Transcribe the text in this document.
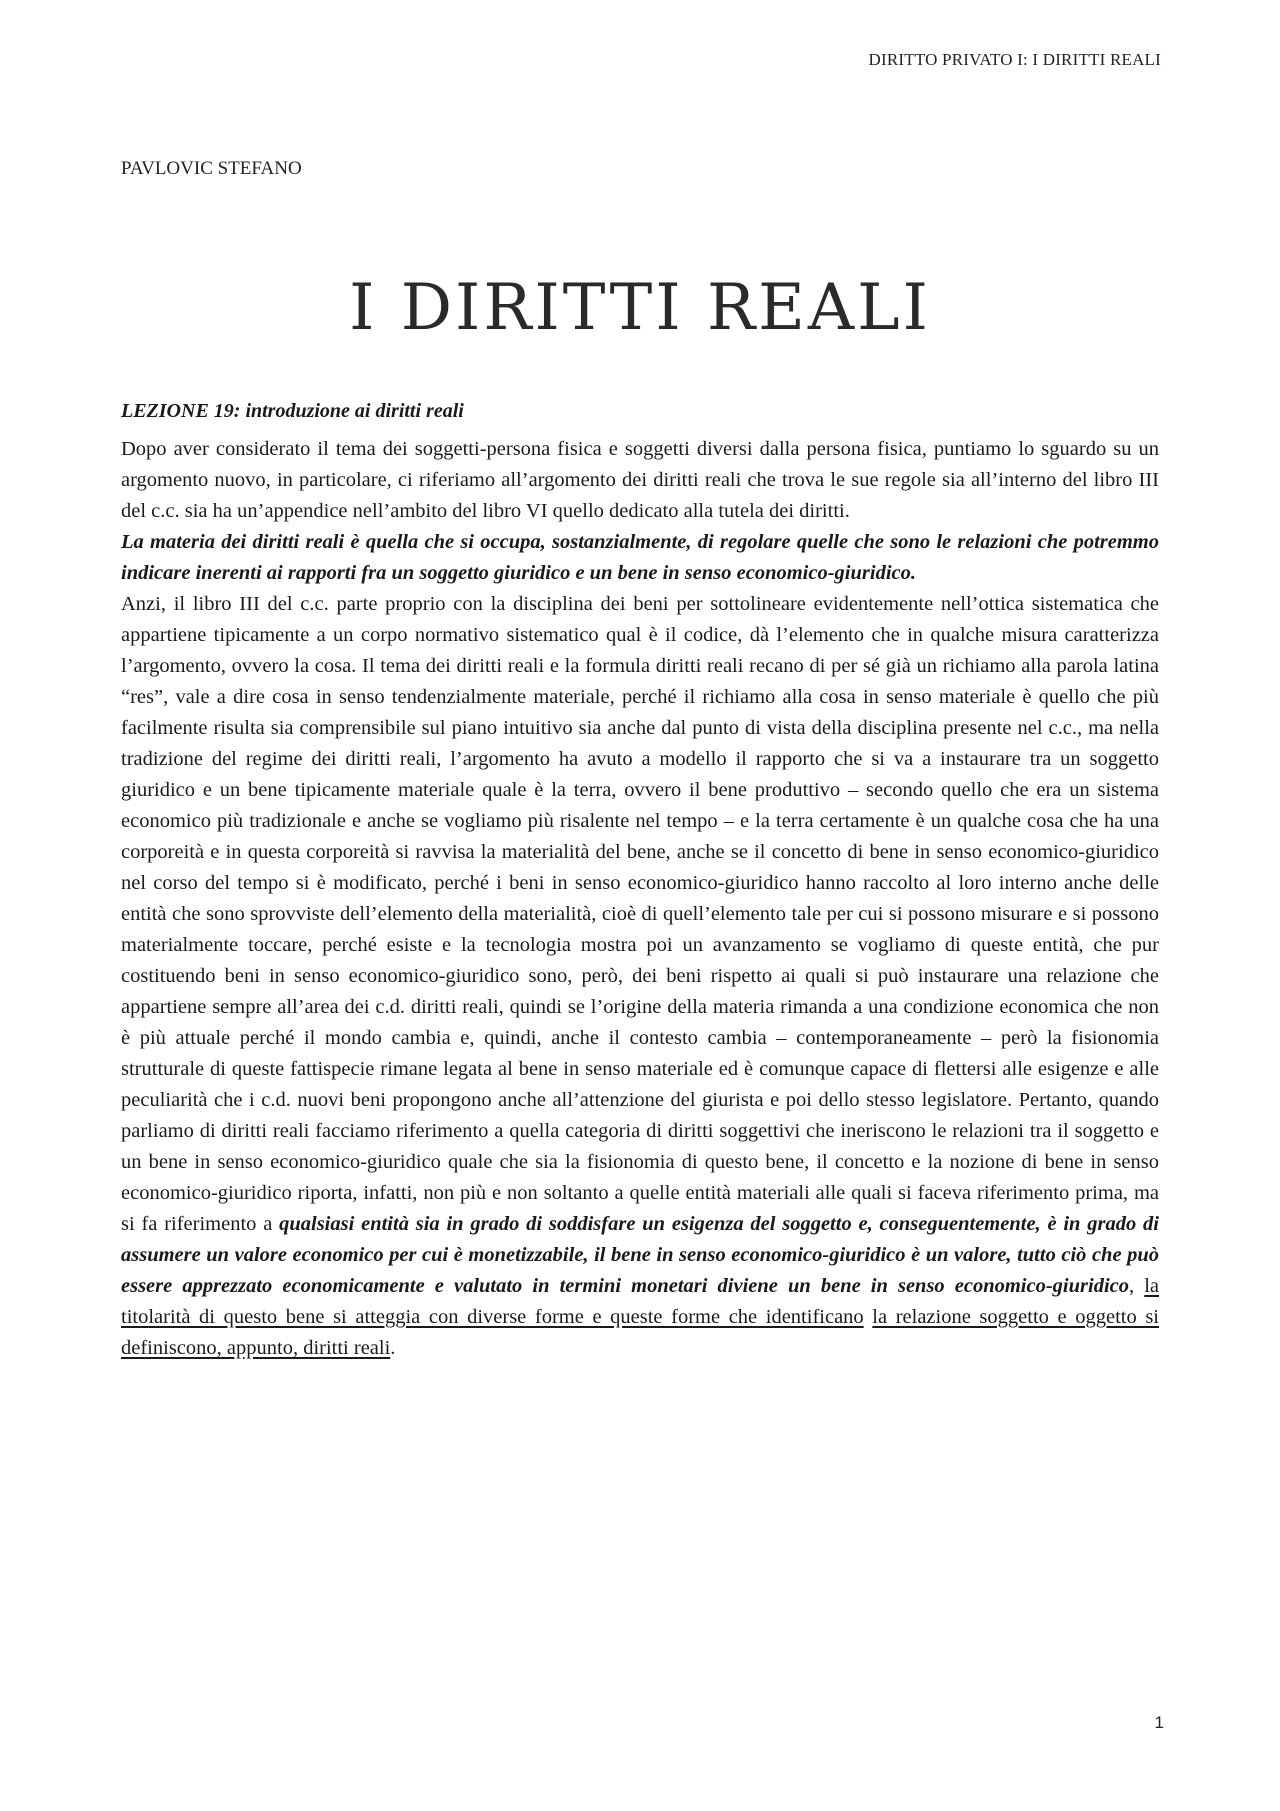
DIRITTO PRIVATO I: I DIRITTI REALI
PAVLOVIC STEFANO
I DIRITTI REALI
LEZIONE 19: introduzione ai diritti reali

Dopo aver considerato il tema dei soggetti-persona fisica e soggetti diversi dalla persona fisica, puntiamo lo sguardo su un argomento nuovo, in particolare, ci riferiamo all’argomento dei diritti reali che trova le sue regole sia all’interno del libro III del c.c. sia ha un’appendice nell’ambito del libro VI quello dedicato alla tutela dei diritti.

La materia dei diritti reali è quella che si occupa, sostanzialmente, di regolare quelle che sono le relazioni che potremmo indicare inerenti ai rapporti fra un soggetto giuridico e un bene in senso economico-giuridico.

Anzi, il libro III del c.c. parte proprio con la disciplina dei beni per sottolineare evidentemente nell’ottica sistematica che appartiene tipicamente a un corpo normativo sistematico qual è il codice, dà l’elemento che in qualche misura caratterizza l’argomento, ovvero la cosa. Il tema dei diritti reali e la formula diritti reali recano di per sé già un richiamo alla parola latina “res”, vale a dire cosa in senso tendenzialmente materiale, perché il richiamo alla cosa in senso materiale è quello che più facilmente risulta sia comprensibile sul piano intuitivo sia anche dal punto di vista della disciplina presente nel c.c., ma nella tradizione del regime dei diritti reali, l’argomento ha avuto a modello il rapporto che si va a instaurare tra un soggetto giuridico e un bene tipicamente materiale quale è la terra, ovvero il bene produttivo – secondo quello che era un sistema economico più tradizionale e anche se vogliamo più risalente nel tempo – e la terra certamente è un qualche cosa che ha una corporeità e in questa corporeità si ravvisa la materialità del bene, anche se il concetto di bene in senso economico-giuridico nel corso del tempo si è modificato, perché i beni in senso economico-giuridico hanno raccolto al loro interno anche delle entità che sono sprovviste dell’elemento della materialità, cioè di quell’elemento tale per cui si possono misurare e si possono materialmente toccare, perché esiste e la tecnologia mostra poi un avanzamento se vogliamo di queste entità, che pur costituendo beni in senso economico-giuridico sono, però, dei beni rispetto ai quali si può instaurare una relazione che appartiene sempre all’area dei c.d. diritti reali, quindi se l’origine della materia rimanda a una condizione economica che non è più attuale perché il mondo cambia e, quindi, anche il contesto cambia – contemporaneamente – però la fisionomia strutturale di queste fattispecie rimane legata al bene in senso materiale ed è comunque capace di flettersi alle esigenze e alle peculiarità che i c.d. nuovi beni propongono anche all’attenzione del giurista e poi dello stesso legislatore. Pertanto, quando parliamo di diritti reali facciamo riferimento a quella categoria di diritti soggettivi che ineriscono le relazioni tra il soggetto e un bene in senso economico-giuridico quale che sia la fisionomia di questo bene, il concetto e la nozione di bene in senso economico-giuridico riporta, infatti, non più e non soltanto a quelle entità materiali alle quali si faceva riferimento prima, ma si fa riferimento a qualsiasi entità sia in grado di soddisfare un esigenza del soggetto e, conseguentemente, è in grado di assumere un valore economico per cui è monetizzabile, il bene in senso economico-giuridico è un valore, tutto ciò che può essere apprezzato economicamente e valutato in termini monetari diviene un bene in senso economico-giuridico, la titolarità di questo bene si atteggia con diverse forme e queste forme che identificano la relazione soggetto e oggetto si definiscono, appunto, diritti reali.

1
